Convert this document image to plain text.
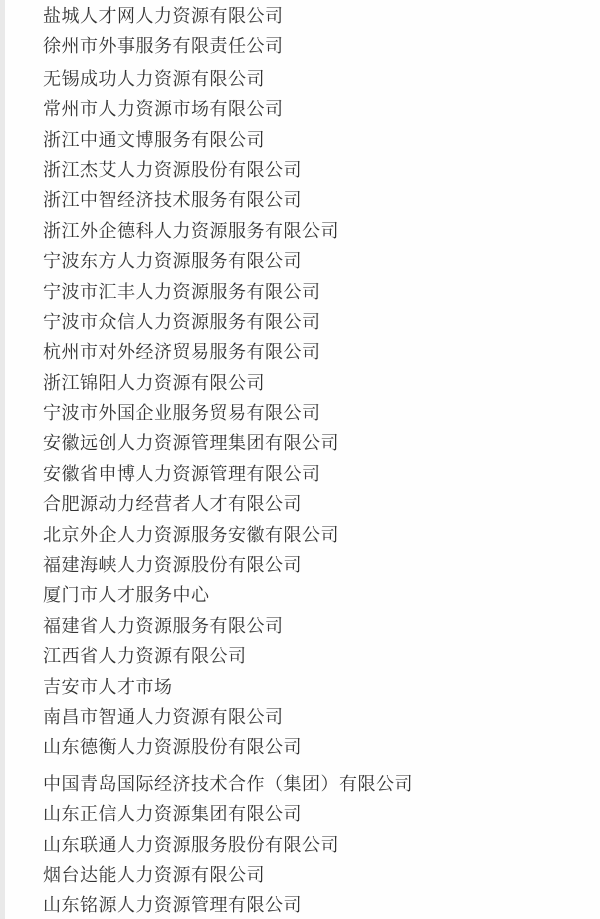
盐城人才网人力资源有限公司
徐州市外事服务有限责任公司
无锡成功人力资源有限公司
常州市人力资源市场有限公司
浙江中通文博服务有限公司
浙江杰艾人力资源股份有限公司
浙江中智经济技术服务有限公司
浙江外企德科人力资源服务有限公司
宁波东方人力资源服务有限公司
宁波市汇丰人力资源服务有限公司
宁波市众信人力资源服务有限公司
杭州市对外经济贸易服务有限公司
浙江锦阳人力资源有限公司
宁波市外国企业服务贸易有限公司
安徽远创人力资源管理集团有限公司
安徽省申博人力资源管理有限公司
合肥源动力经营者人才有限公司
北京外企人力资源服务安徽有限公司
福建海峡人力资源股份有限公司
厦门市人才服务中心
福建省人力资源服务有限公司
江西省人力资源有限公司
吉安市人才市场
南昌市智通人力资源有限公司
山东德衡人力资源股份有限公司
中国青岛国际经济技术合作（集团）有限公司
山东正信人力资源集团有限公司
山东联通人力资源服务股份有限公司
烟台达能人力资源有限公司
山东铭源人力资源管理有限公司
